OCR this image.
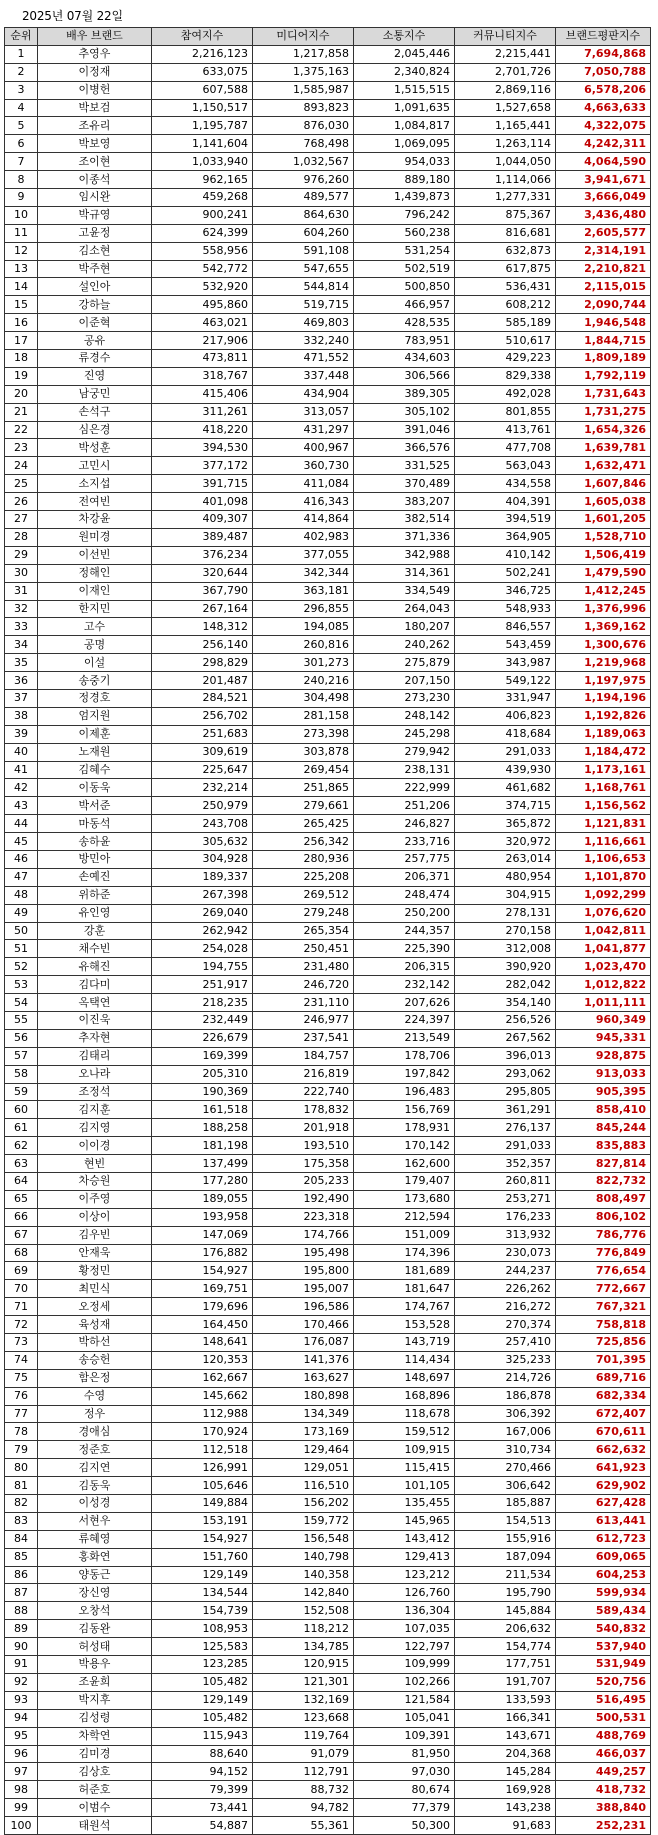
2025년 07월 22일
순위	배우 브랜드	참여지수	미디어지수	소통지수	커뮤니티지수	브랜드평판지수
1	추영우	2,216,123	1,217,858	2,045,446	2,215,441	7,694,868
2	이정재	633,075	1,375,163	2,340,824	2,701,726	7,050,788
3	이병헌	607,588	1,585,987	1,515,515	2,869,116	6,578,206
4	박보검	1,150,517	893,823	1,091,635	1,527,658	4,663,633
5	조유리	1,195,787	876,030	1,084,817	1,165,441	4,322,075
6	박보영	1,141,604	768,498	1,069,095	1,263,114	4,242,311
7	조이현	1,033,940	1,032,567	954,033	1,044,050	4,064,590
8	이종석	962,165	976,260	889,180	1,114,066	3,941,671
9	임시완	459,268	489,577	1,439,873	1,277,331	3,666,049
10	박규영	900,241	864,630	796,242	875,367	3,436,480
11	고윤정	624,399	604,260	560,238	816,681	2,605,577
12	김소현	558,956	591,108	531,254	632,873	2,314,191
13	박주현	542,772	547,655	502,519	617,875	2,210,821
14	설인아	532,920	544,814	500,850	536,431	2,115,015
15	강하늘	495,860	519,715	466,957	608,212	2,090,744
16	이준혁	463,021	469,803	428,535	585,189	1,946,548
17	공유	217,906	332,240	783,951	510,617	1,844,715
18	류경수	473,811	471,552	434,603	429,223	1,809,189
19	진영	318,767	337,448	306,566	829,338	1,792,119
20	남궁민	415,406	434,904	389,305	492,028	1,731,643
21	손석구	311,261	313,057	305,102	801,855	1,731,275
22	심은경	418,220	431,297	391,046	413,761	1,654,326
23	박성훈	394,530	400,967	366,576	477,708	1,639,781
24	고민시	377,172	360,730	331,525	563,043	1,632,471
25	소지섭	391,715	411,084	370,489	434,558	1,607,846
26	전여빈	401,098	416,343	383,207	404,391	1,605,038
27	차강윤	409,307	414,864	382,514	394,519	1,601,205
28	원미경	389,487	402,983	371,336	364,905	1,528,710
29	이선빈	376,234	377,055	342,988	410,142	1,506,419
30	정해인	320,644	342,344	314,361	502,241	1,479,590
31	이재인	367,790	363,181	334,549	346,725	1,412,245
32	한지민	267,164	296,855	264,043	548,933	1,376,996
33	고수	148,312	194,085	180,207	846,557	1,369,162
34	공명	256,140	260,816	240,262	543,459	1,300,676
35	이설	298,829	301,273	275,879	343,987	1,219,968
36	송중기	201,487	240,216	207,150	549,122	1,197,975
37	정경호	284,521	304,498	273,230	331,947	1,194,196
38	엄지원	256,702	281,158	248,142	406,823	1,192,826
39	이제훈	251,683	273,398	245,298	418,684	1,189,063
40	노재원	309,619	303,878	279,942	291,033	1,184,472
41	김혜수	225,647	269,454	238,131	439,930	1,173,161
42	이동욱	232,214	251,865	222,999	461,682	1,168,761
43	박서준	250,979	279,661	251,206	374,715	1,156,562
44	마동석	243,708	265,425	246,827	365,872	1,121,831
45	송하윤	305,632	256,342	233,716	320,972	1,116,661
46	방민아	304,928	280,936	257,775	263,014	1,106,653
47	손예진	189,337	225,208	206,371	480,954	1,101,870
48	위하준	267,398	269,512	248,474	304,915	1,092,299
49	유인영	269,040	279,248	250,200	278,131	1,076,620
50	강훈	262,942	265,354	244,357	270,158	1,042,811
51	채수빈	254,028	250,451	225,390	312,008	1,041,877
52	유해진	194,755	231,480	206,315	390,920	1,023,470
53	김다미	251,917	246,720	232,142	282,042	1,012,822
54	옥택연	218,235	231,110	207,626	354,140	1,011,111
55	이진욱	232,449	246,977	224,397	256,526	960,349
56	추자현	226,679	237,541	213,549	267,562	945,331
57	김태리	169,399	184,757	178,706	396,013	928,875
58	오나라	205,310	216,819	197,842	293,062	913,033
59	조정석	190,369	222,740	196,483	295,805	905,395
60	김지훈	161,518	178,832	156,769	361,291	858,410
61	김지영	188,258	201,918	178,931	276,137	845,244
62	이이경	181,198	193,510	170,142	291,033	835,883
63	현빈	137,499	175,358	162,600	352,357	827,814
64	차승원	177,280	205,233	179,407	260,811	822,732
65	이주영	189,055	192,490	173,680	253,271	808,497
66	이상이	193,958	223,318	212,594	176,233	806,102
67	김우빈	147,069	174,766	151,009	313,932	786,776
68	안재욱	176,882	195,498	174,396	230,073	776,849
69	황정민	154,927	195,800	181,689	244,237	776,654
70	최민식	169,751	195,007	181,647	226,262	772,667
71	오정세	179,696	196,586	174,767	216,272	767,321
72	육성재	164,450	170,466	153,528	270,374	758,818
73	박하선	148,641	176,087	143,719	257,410	725,856
74	송승헌	120,353	141,376	114,434	325,233	701,395
75	함은정	162,667	163,627	148,697	214,726	689,716
76	수영	145,662	180,898	168,896	186,878	682,334
77	정우	112,988	134,349	118,678	306,392	672,407
78	경애심	170,924	173,169	159,512	167,006	670,611
79	정준호	112,518	129,464	109,915	310,734	662,632
80	김지연	126,991	129,051	115,415	270,466	641,923
81	김동욱	105,646	116,510	101,105	306,642	629,902
82	이성경	149,884	156,202	135,455	185,887	627,428
83	서현우	153,191	159,772	145,965	154,513	613,441
84	류혜영	154,927	156,548	143,412	155,916	612,723
85	홍화연	151,760	140,798	129,413	187,094	609,065
86	양동근	129,149	140,358	123,212	211,534	604,253
87	장신영	134,544	142,840	126,760	195,790	599,934
88	오창석	154,739	152,508	136,304	145,884	589,434
89	김동완	108,953	118,212	107,035	206,632	540,832
90	허성태	125,583	134,785	122,797	154,774	537,940
91	박용우	123,285	120,915	109,999	177,751	531,949
92	조윤희	105,482	121,301	102,266	191,707	520,756
93	박지후	129,149	132,169	121,584	133,593	516,495
94	김성령	105,482	123,668	105,041	166,341	500,531
95	차학연	115,943	119,764	109,391	143,671	488,769
96	김미경	88,640	91,079	81,950	204,368	466,037
97	김상호	94,152	112,791	97,030	145,284	449,257
98	허준호	79,399	88,732	80,674	169,928	418,732
99	이범수	73,441	94,782	77,379	143,238	388,840
100	태원석	54,887	55,361	50,300	91,683	252,231
